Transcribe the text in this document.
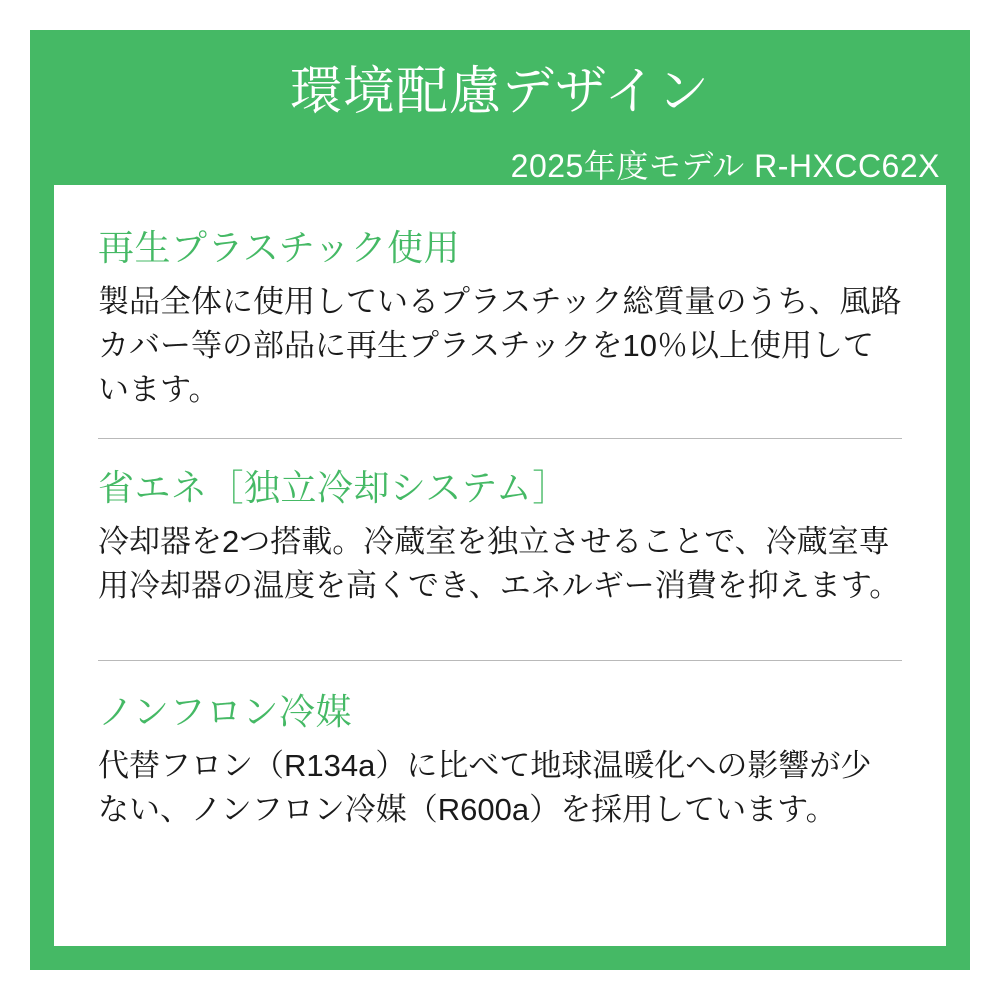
環境配慮デザイン
2025年度モデル R-HXCC62X
再生プラスチック使用

製品全体に使用しているプラスチック総質量のうち、風路カバー等の部品に再生プラスチックを10％以上使用しています。

省エネ［独立冷却システム］

冷却器を2つ搭載。冷蔵室を独立させることで、冷蔵室専用冷却器の温度を高くでき、エネルギー消費を抑えます。

ノンフロン冷媒

代替フロン（R134a）に比べて地球温暖化への影響が少ない、ノンフロン冷媒（R600a）を採用しています。
